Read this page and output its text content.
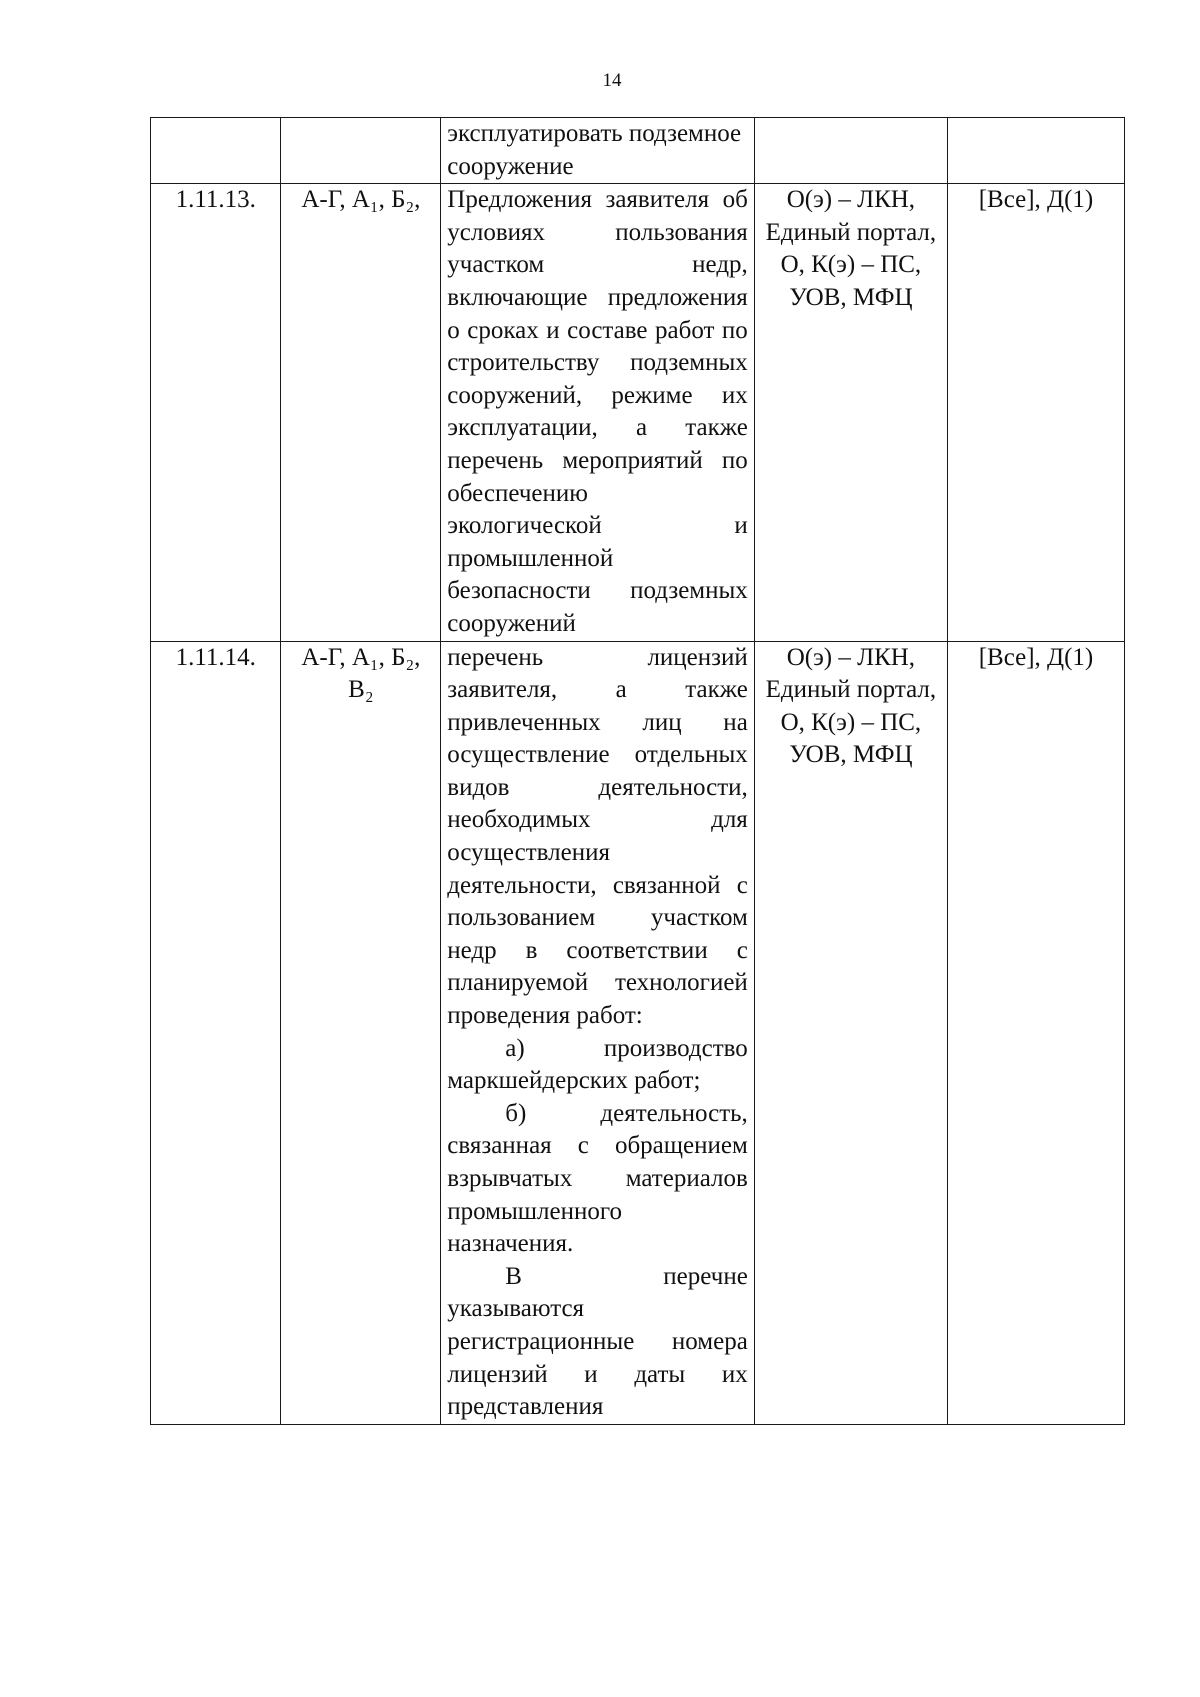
14

		эксплуатировать подземное сооружение		

1.11.13.	А-Г, А₁, Б₂,	Предложения заявителя об условиях пользования участком недр, включающие предложения о сроках и составе работ по строительству подземных сооружений, режиме их эксплуатации, а также перечень мероприятий по обеспечению экологической и промышленной безопасности подземных сооружений	О(э) – ЛКН, Единый портал, О, К(э) – ПС, УОВ, МФЦ	[Все], Д(1)
1.11.14.	А-Г, А₁, Б₂, В₂	перечень лицензий заявителя, а также привлеченных лиц на осуществление отдельных видов деятельности, необходимых для осуществления деятельности, связанной с пользованием участком недр в соответствии с планируемой технологией проведения работ:
а) производство маркшейдерских работ;
б) деятельность, связанная с обращением взрывчатых материалов промышленного назначения.
В перечне указываются регистрационные номера лицензий и даты их представления	О(э) – ЛКН, Единый портал, О, К(э) – ПС, УОВ, МФЦ	[Все], Д(1)
